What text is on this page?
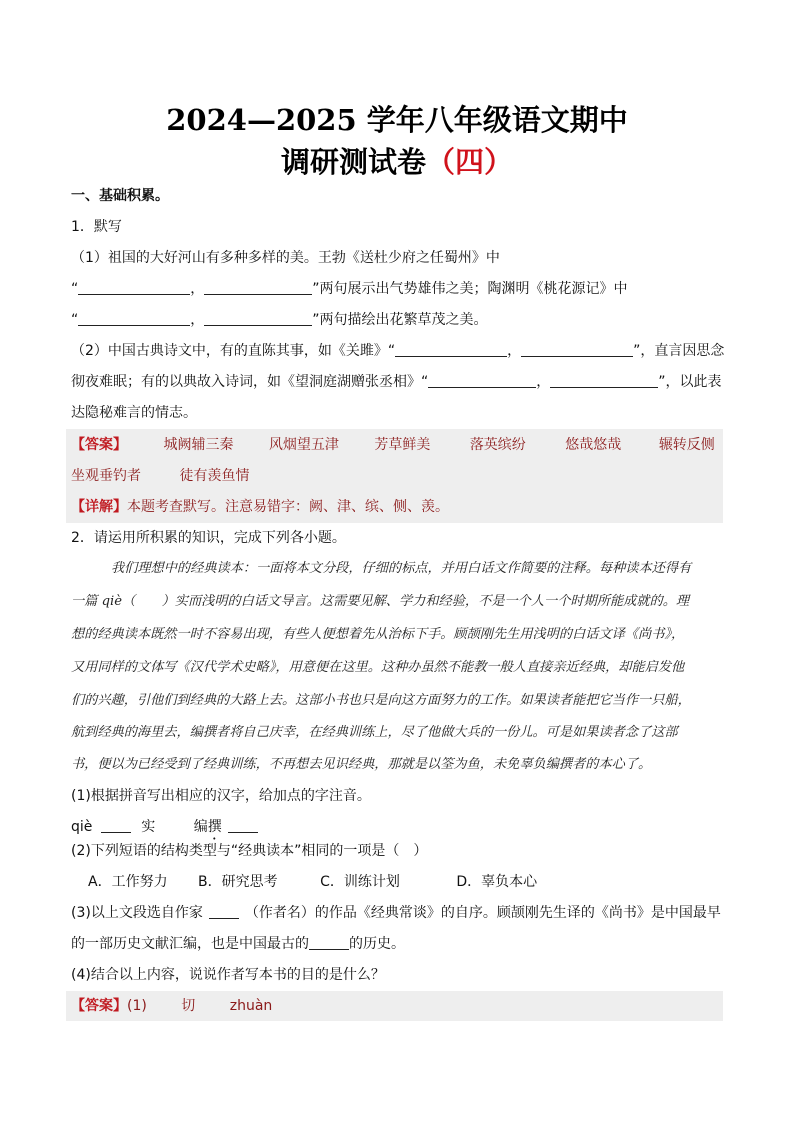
2024—2025 学年八年级语文期中
调研测试卷（四）
一、基础积累。
1．默写
（1）祖国的大好河山有多种多样的美。王勃《送杜少府之任蜀州》中
“	，	”两句展示出气势雄伟之美；陶渊明《桃花源记》中
“	，	”两句描绘出花繁草茂之美。
（2）中国古典诗文中，有的直陈其事，如《关雎》“	，	”，直言因思念
彻夜难眠；有的以典故入诗词，如《望洞庭湖赠张丞相》“	，	”，以此表
达隐秘难言的情志。
【答案】	城阙辅三秦	风烟望五津	芳草鲜美	落英缤纷	悠哉悠哉	辗转反侧
坐观垂钓者	徒有羡鱼情
【详解】本题考查默写。注意易错字：阙、津、缤、侧、羡。
2．请运用所积累的知识，完成下列各小题。
我们理想中的经典读本：一面将本文分段，仔细的标点，并用白话文作简要的注释。每种读本还得有
一篇 qiè（　　）实而浅明的白话文导言。这需要见解、学力和经验，不是一个人一个时期所能成就的。理
想的经典读本既然一时不容易出现，有些人便想着先从治标下手。顾颉刚先生用浅明的白话文译《尚书》，
又用同样的文体写《汉代学术史略》，用意便在这里。这种办虽然不能教一般人直接亲近经典，却能启发他
们的兴趣，引他们到经典的大路上去。这部小书也只是向这方面努力的工作。如果读者能把它当作一只船，
航到经典的海里去，编撰者将自己庆幸，在经典训练上，尽了他做大兵的一份儿。可是如果读者念了这部
书，便以为已经受到了经典训练，不再想去见识经典，那就是以筌为鱼，未免辜负编撰者的本心了。
(1)根据拼音写出相应的汉字，给加点的字注音。
qiè	实	编撰
(2)下列短语的结构类型与“经典读本”相同的一项是（　）
A．工作努力 B．研究思考	C．训练计划	D．辜负本心
(3)以上文段选自作家	（作者名）的作品《经典常谈》的自序。顾颉刚先生译的《尚书》是中国最早
的一部历史文献汇编，也是中国最古的	的历史。
(4)结合以上内容，说说作者写本书的目的是什么？
【答案】(1) 切 zhuàn
